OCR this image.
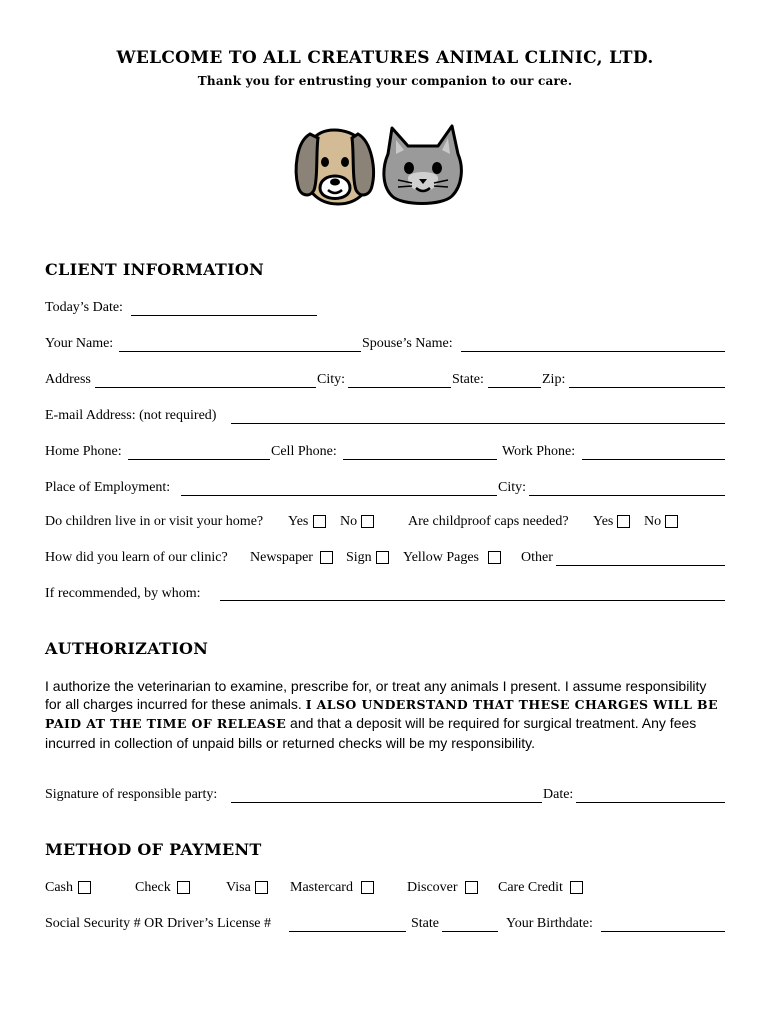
WELCOME TO ALL CREATURES ANIMAL CLINIC, LTD.
Thank you for entrusting your companion to our care.
CLIENT INFORMATION
Today’s Date:
Your Name:	Spouse’s Name:
Address	City:	State:	Zip:
E-mail Address: (not required)
Home Phone:	Cell Phone:	Work Phone:
Place of Employment:	City:
Do children live in or visit your home? Yes No	Are childproof caps needed? Yes No
How did you learn of our clinic? Newspaper Sign Yellow Pages	Other
If recommended, by whom:
AUTHORIZATION
I authorize the veterinarian to examine, prescribe for, or treat any animals I present. I assume responsibility for all charges incurred for these animals. I ALSO UNDERSTAND THAT THESE CHARGES WILL BE PAID AT THE TIME OF RELEASE and that a deposit will be required for surgical treatment. Any fees incurred in collection of unpaid bills or returned checks will be my responsibility.
Signature of responsible party:	Date:
METHOD OF PAYMENT
Cash	Check	Visa	Mastercard	Discover	Care Credit
Social Security # OR Driver’s License #	State	Your Birthdate:
